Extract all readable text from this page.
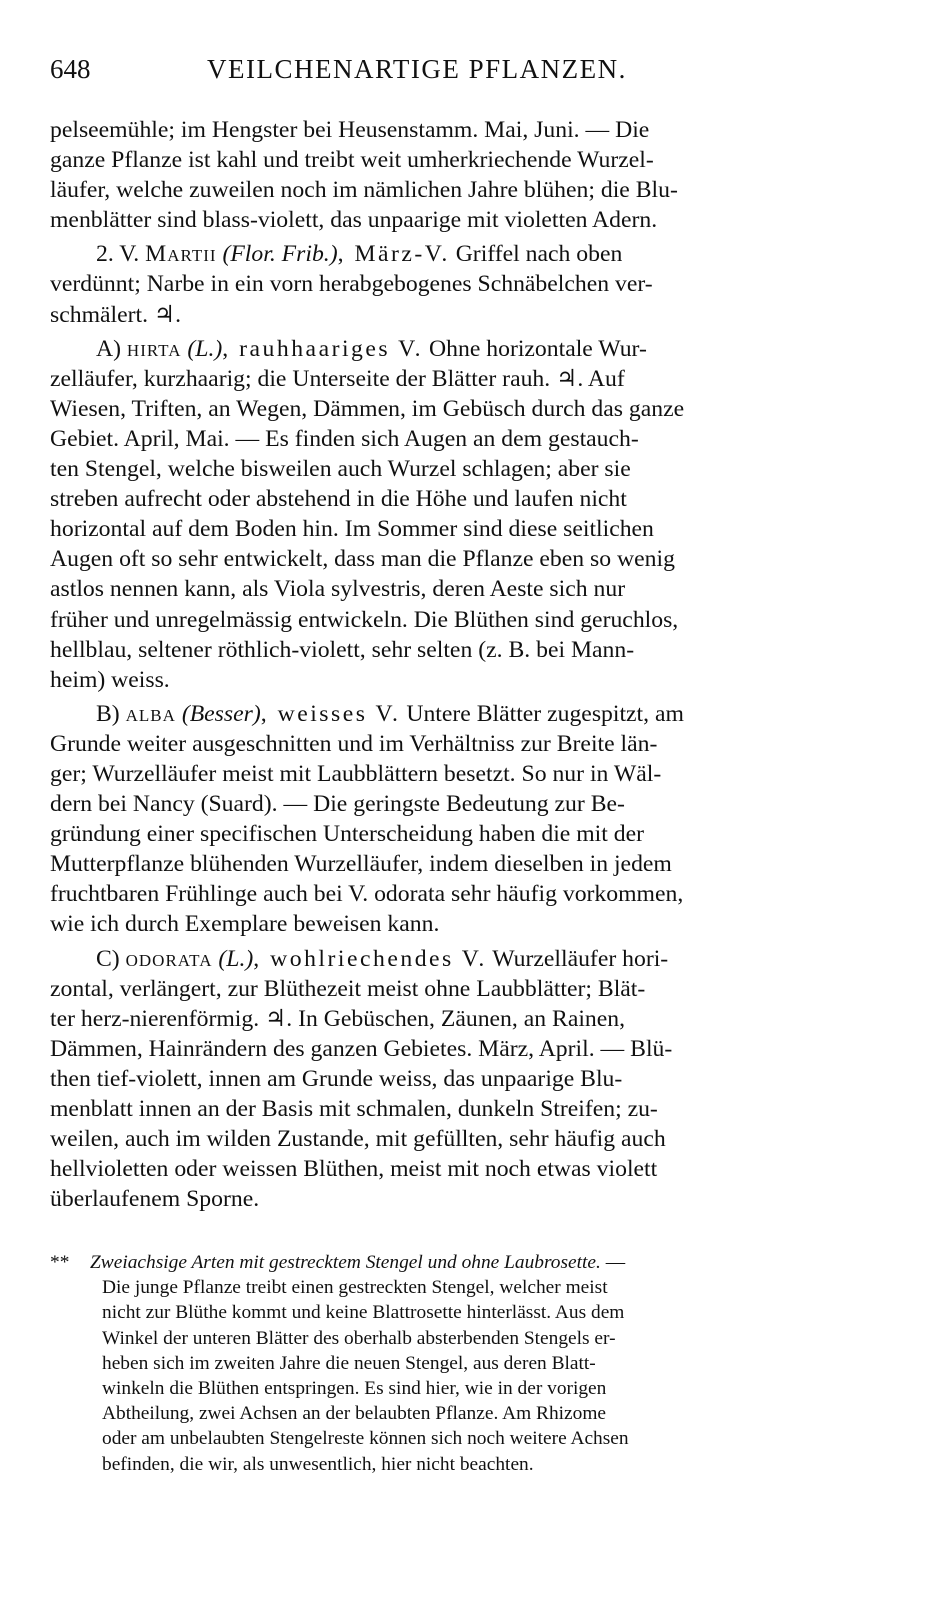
648	VEILCHENARTIGE PFLANZEN.

pelseemühle; im Hengster bei Heusenstamm. Mai, Juni. — Die
ganze Pflanze ist kahl und treibt weit umherkriechende Wurzel-
läufer, welche zuweilen noch im nämlichen Jahre blühen; die Blu-
menblätter sind blass-violett, das unpaarige mit violetten Adern.

2. V. Martii (Flor. Frib.), März-V. Griffel nach oben
verdünnt; Narbe in ein vorn herabgebogenes Schnäbelchen ver-
schmälert. ♃.

A) hirta (L.), rauhhaariges V. Ohne horizontale Wur-
zelläufer, kurzhaarig; die Unterseite der Blätter rauh. ♃. Auf
Wiesen, Triften, an Wegen, Dämmen, im Gebüsch durch das ganze
Gebiet. April, Mai. — Es finden sich Augen an dem gestauch-
ten Stengel, welche bisweilen auch Wurzel schlagen; aber sie
streben aufrecht oder abstehend in die Höhe und laufen nicht
horizontal auf dem Boden hin. Im Sommer sind diese seitlichen
Augen oft so sehr entwickelt, dass man die Pflanze eben so wenig
astlos nennen kann, als Viola sylvestris, deren Aeste sich nur
früher und unregelmässig entwickeln. Die Blüthen sind geruchlos,
hellblau, seltener röthlich-violett, sehr selten (z. B. bei Mann-
heim) weiss.

B) alba (Besser), weisses V. Untere Blätter zugespitzt, am
Grunde weiter ausgeschnitten und im Verhältniss zur Breite län-
ger; Wurzelläufer meist mit Laubblättern besetzt. So nur in Wäl-
dern bei Nancy (Suard). — Die geringste Bedeutung zur Be-
gründung einer specifischen Unterscheidung haben die mit der
Mutterpflanze blühenden Wurzelläufer, indem dieselben in jedem
fruchtbaren Frühlinge auch bei V. odorata sehr häufig vorkommen,
wie ich durch Exemplare beweisen kann.

C) odorata (L.), wohlriechendes V. Wurzelläufer hori-
zontal, verlängert, zur Blüthezeit meist ohne Laubblätter; Blät-
ter herz-nierenförmig. ♃. In Gebüschen, Zäunen, an Rainen,
Dämmen, Hainrändern des ganzen Gebietes. März, April. — Blü-
then tief-violett, innen am Grunde weiss, das unpaarige Blu-
menblatt innen an der Basis mit schmalen, dunkeln Streifen; zu-
weilen, auch im wilden Zustande, mit gefüllten, sehr häufig auch
hellvioletten oder weissen Blüthen, meist mit noch etwas violett
überlaufenem Sporne.

** Zweiachsige Arten mit gestrecktem Stengel und ohne Laubrosette. —
Die junge Pflanze treibt einen gestreckten Stengel, welcher meist
nicht zur Blüthe kommt und keine Blattrosette hinterlässt. Aus dem
Winkel der unteren Blätter des oberhalb absterbenden Stengels er-
heben sich im zweiten Jahre die neuen Stengel, aus deren Blatt-
winkeln die Blüthen entspringen. Es sind hier, wie in der vorigen
Abtheilung, zwei Achsen an der belaubten Pflanze. Am Rhizome
oder am unbelaubten Stengelreste können sich noch weitere Achsen
befinden, die wir, als unwesentlich, hier nicht beachten.
